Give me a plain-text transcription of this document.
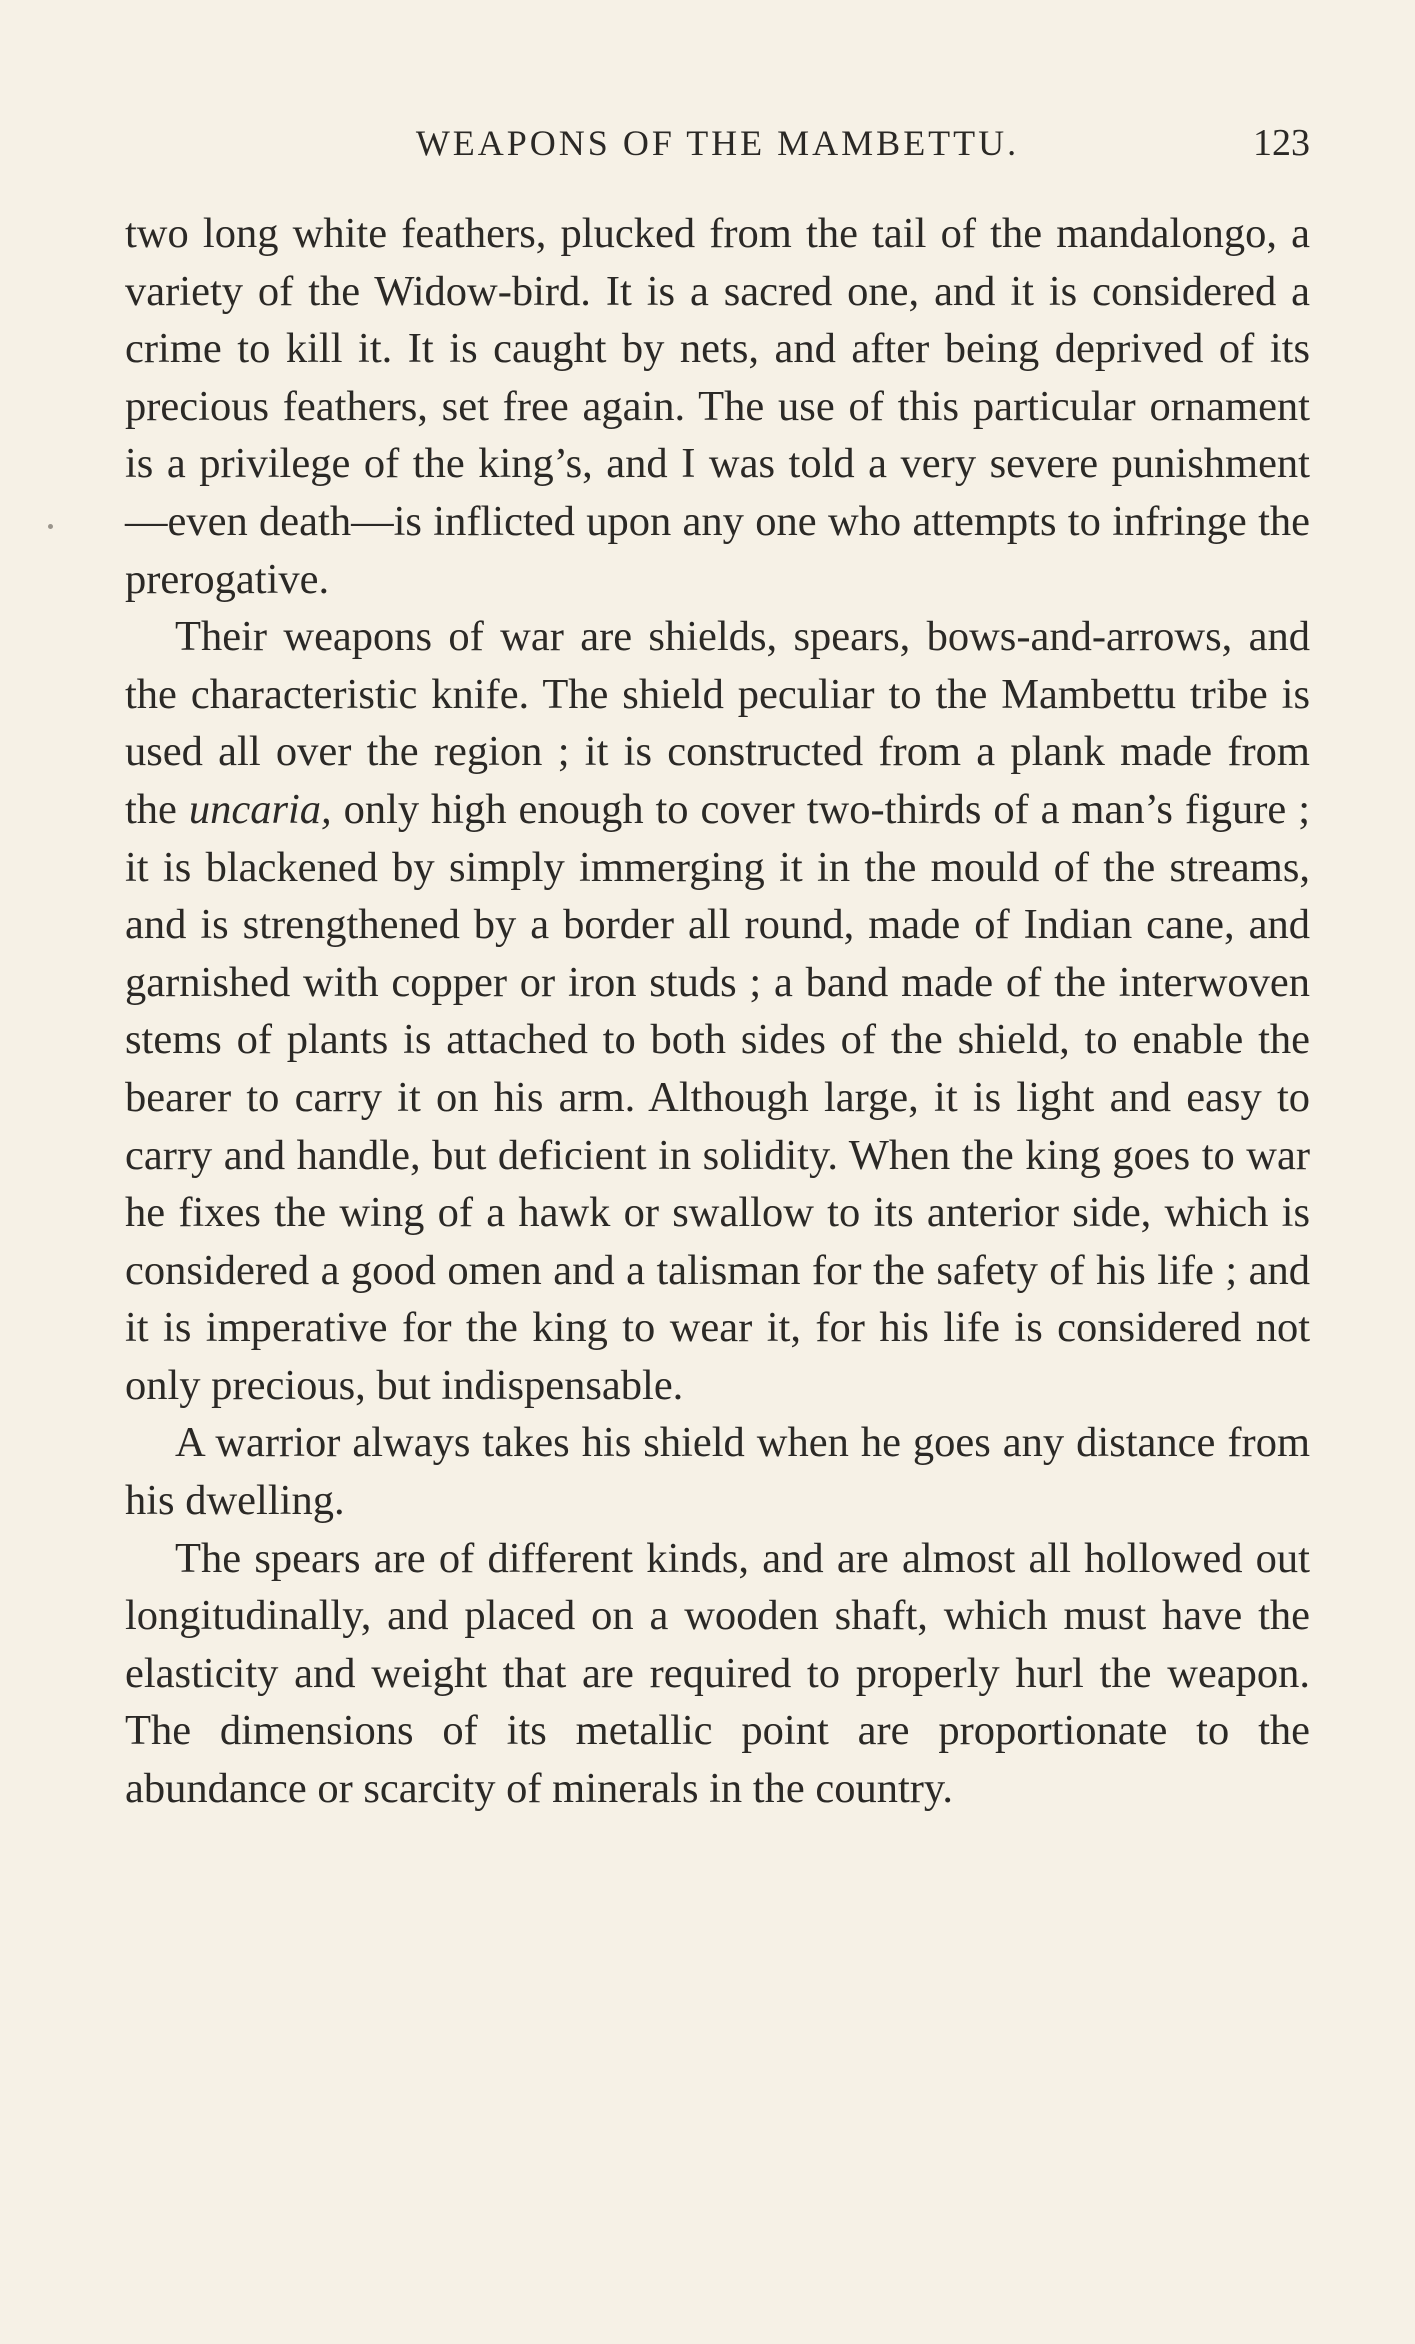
WEAPONS OF THE MAMBETTU.	123

two long white feathers, plucked from the tail of the mandalongo, a variety of the Widow-bird. It is a sacred one, and it is considered a crime to kill it. It is caught by nets, and after being deprived of its precious feathers, set free again. The use of this particular ornament is a privilege of the king’s, and I was told a very severe punishment—even death—is inflicted upon any one who attempts to infringe the prerogative.

Their weapons of war are shields, spears, bows-and-arrows, and the characteristic knife. The shield peculiar to the Mambettu tribe is used all over the region ; it is constructed from a plank made from the uncaria, only high enough to cover two-thirds of a man’s figure ; it is blackened by simply immerging it in the mould of the streams, and is strengthened by a border all round, made of Indian cane, and garnished with copper or iron studs ; a band made of the interwoven stems of plants is attached to both sides of the shield, to enable the bearer to carry it on his arm. Although large, it is light and easy to carry and handle, but deficient in solidity. When the king goes to war he fixes the wing of a hawk or swallow to its anterior side, which is considered a good omen and a talisman for the safety of his life ; and it is imperative for the king to wear it, for his life is considered not only precious, but indispensable.

A warrior always takes his shield when he goes any distance from his dwelling.

The spears are of different kinds, and are almost all hollowed out longitudinally, and placed on a wooden shaft, which must have the elasticity and weight that are required to properly hurl the weapon. The dimensions of its metallic point are proportionate to the abundance or scarcity of minerals in the country.
